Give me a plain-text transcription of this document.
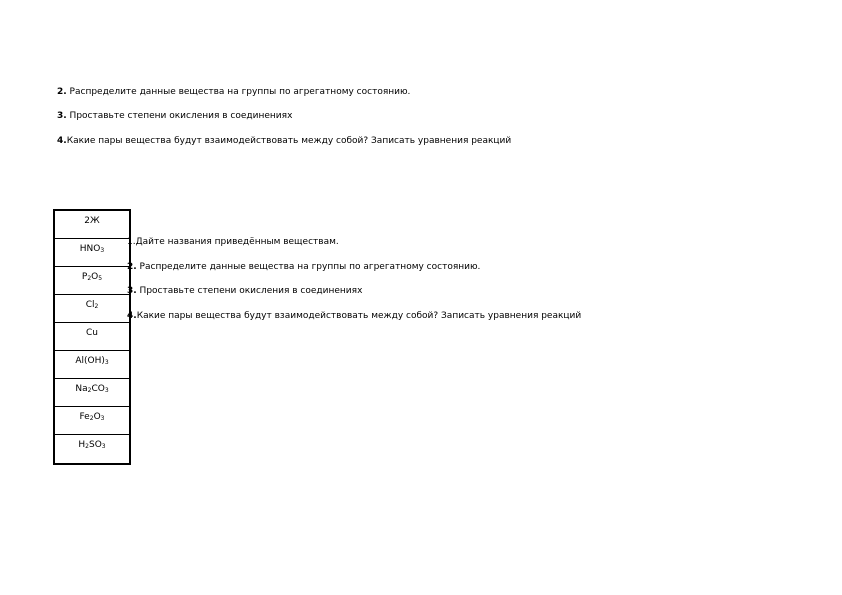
2. Распределите данные вещества на группы по агрегатному состоянию.
3. Проставьте степени окисления в соединениях
4.Какие пары вещества будут взаимодействовать между собой? Записать уравнения реакций
2Ж
$HNO_3$
$P_2O_5$
$Cl_2$
Cu
$Al(OH)_3$
$Na_2CO_3$
$Fe_2O_3$
$H_2SO_3$
1.Дайте названия приведённым веществам.
2. Распределите данные вещества на группы по агрегатному состоянию.
3. Проставьте степени окисления в соединениях
4.Какие пары вещества будут взаимодействовать между собой? Записать уравнения реакций
